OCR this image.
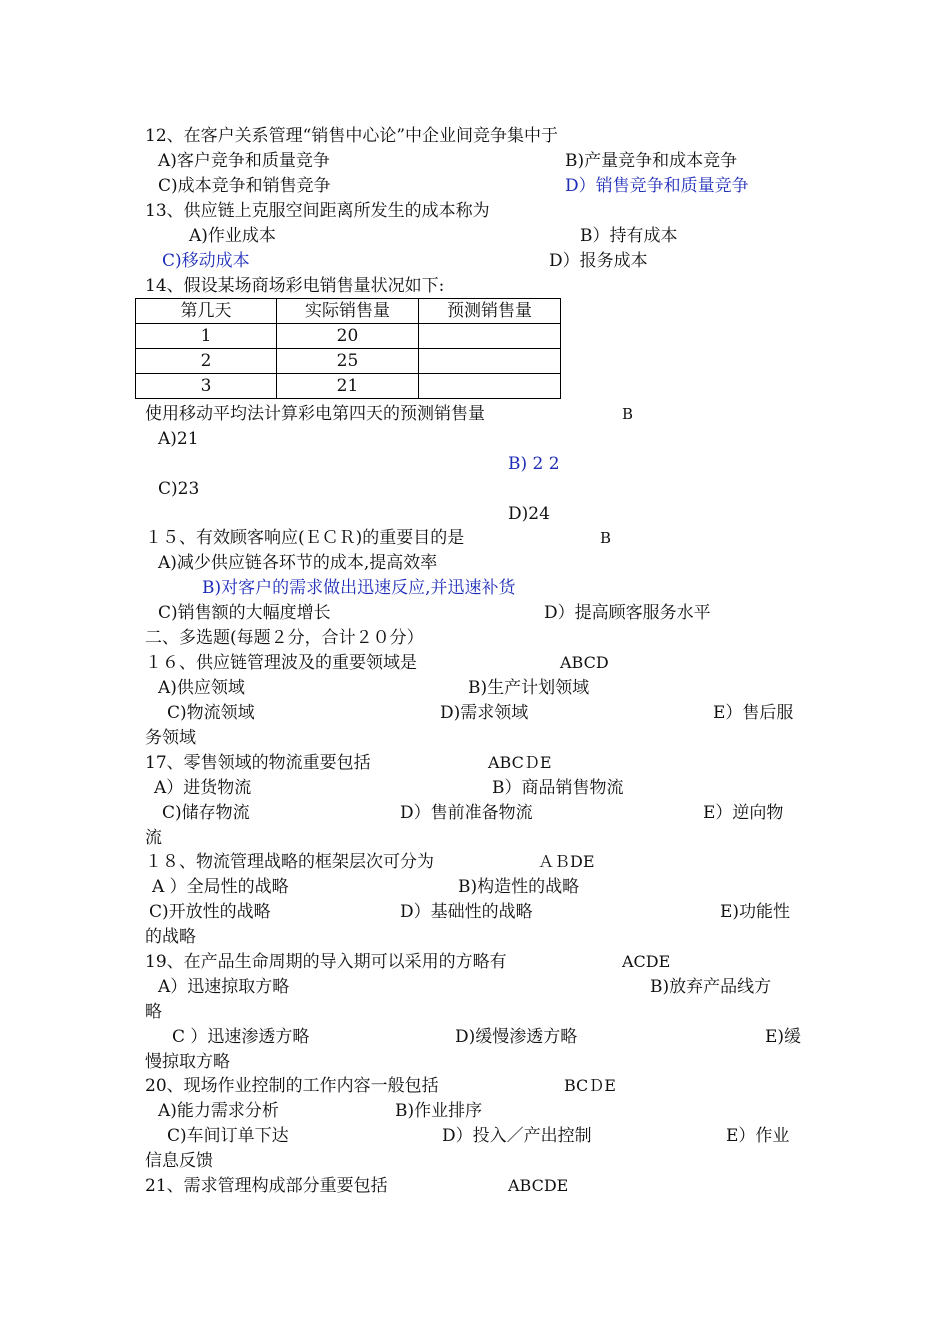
12、在客户关系管理“销售中心论”中企业间竞争集中于
A)客户竞争和质量竞争	B)产量竞争和成本竞争
C)成本竞争和销售竞争	D）销售竞争和质量竞争
13、供应链上克服空间距离所发生的成本称为
A)作业成本	B）持有成本
C)移动成本	D）报务成本
14、假设某场商场彩电销售量状况如下:
第几天	实际销售量	预测销售量
1	20	
2	25	
3	21	
使用移动平均法计算彩电第四天的预测销售量	B
A)21
B) 2 2
C)23
D)24
１５、有效顾客响应(ＥＣＲ)的重要目的是	B
A)减少供应链各环节的成本,提高效率
B)对客户的需求做出迅速反应,并迅速补货
C)销售额的大幅度增长	D）提高顾客服务水平
二、多选题(每题２分，合计２０分）
１６、供应链管理波及的重要领域是	ABCD
A)供应领域	B)生产计划领域
C)物流领域	D)需求领域	E）售后服
务领域
17、零售领域的物流重要包括	ABCＤE
A）进货物流	B）商品销售物流
C)储存物流	D）售前准备物流	E）逆向物
流
１８、物流管理战略的框架层次可分为	ＡＢDE
A ）全局性的战略	B)构造性的战略
C)开放性的战略	D）基础性的战略	E)功能性
的战略
19、在产品生命周期的导入期可以采用的方略有	ACDE
A）迅速掠取方略	B)放弃产品线方
略
C ）迅速渗透方略	D)缓慢渗透方略	E)缓
慢掠取方略
20、现场作业控制的工作内容一般包括	BCＤE
A)能力需求分析	B)作业排序
C)车间订单下达	D）投入／产出控制	E）作业
信息反馈
21、需求管理构成部分重要包括	ABCDE
